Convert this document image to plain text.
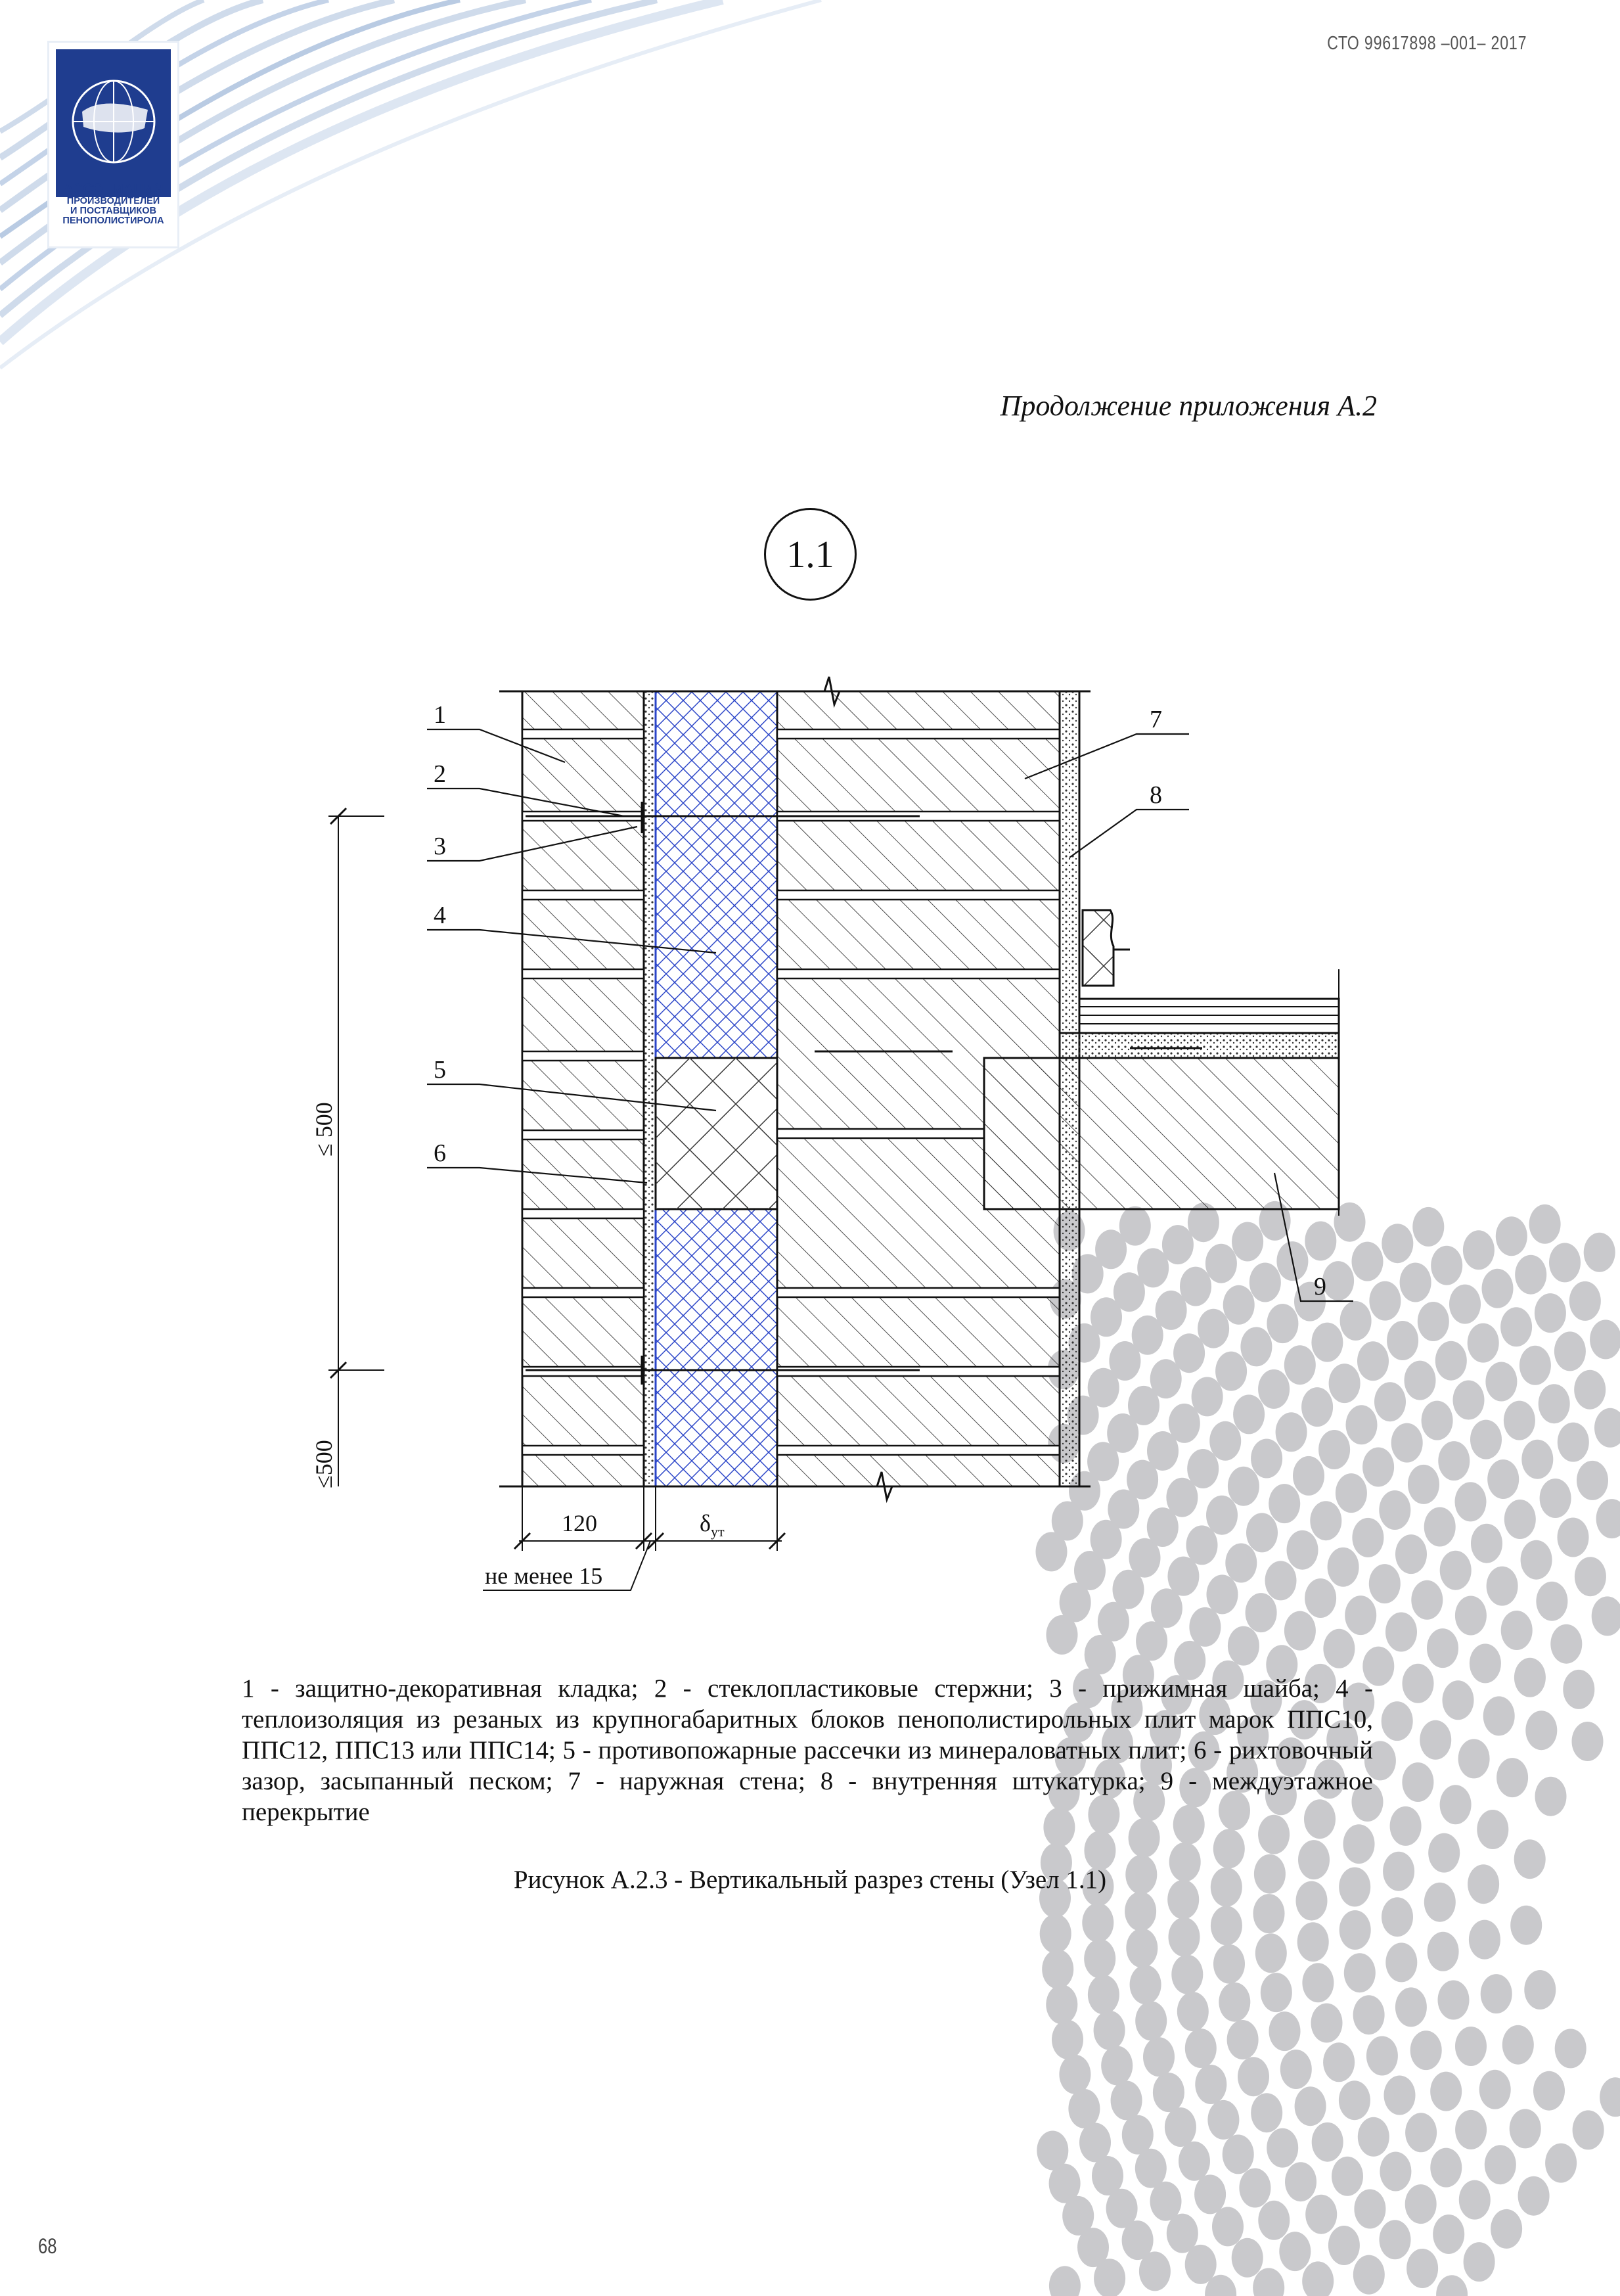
АССОЦИАЦИЯ
ПРОИЗВОДИТЕЛЕЙ
И ПОСТАВЩИКОВ
ПЕНОПОЛИСТИРОЛА
СТО 99617898 –001– 2017
Продолжение приложения А.2
1.1
1
2
3
4
5
6
7
8
9
≤ 500
≤500
120	$\delta_{ут}$
не менее 15
1 - защитно-декоративная кладка; 2 - стеклопластиковые стержни; 3 - прижимная шайба; 4 - теплоизоляция из резаных из крупногабаритных блоков пенополистирольных плит марок ППС10, ППС12, ППС13 или ППС14; 5 - противопожарные рассечки из минераловатных плит; 6 - рихтовочный зазор, засыпанный песком; 7 - наружная стена; 8 - внутренняя штукатурка; 9 - междуэтажное перекрытие
Рисунок А.2.3 - Вертикальный разрез стены (Узел 1.1)
68
